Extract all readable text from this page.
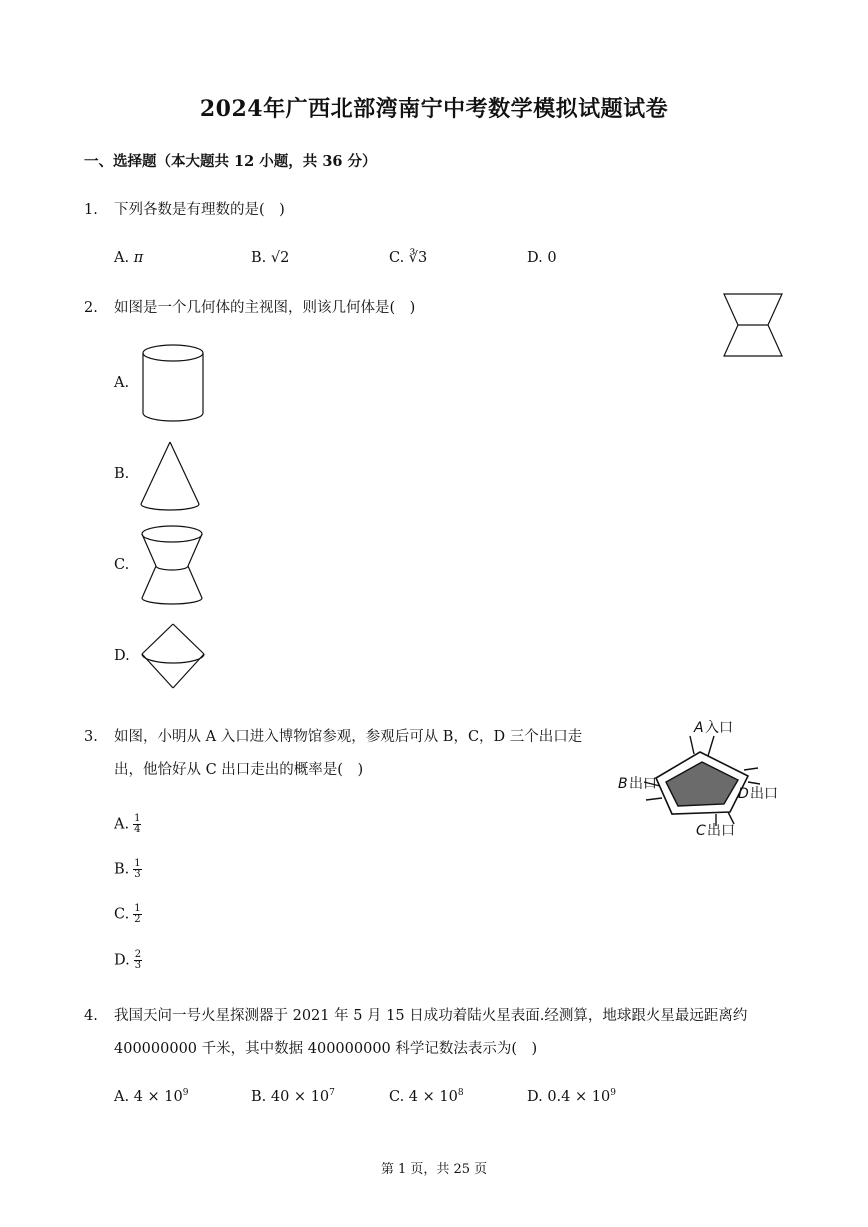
2024年广西北部湾南宁中考数学模拟试题试卷
一、选择题（本大题共 12 小题，共 36 分）
1. 下列各数是有理数的是(　)
A. π	B. √2	C. ∛3	D. 0
2. 如图是一个几何体的主视图，则该几何体是(　)
A.
B.
C.
D.
3. 如图，小明从 A 入口进入博物馆参观，参观后可从 B，C，D 三个出口走
出，他恰好从 C 出口走出的概率是(　)
A 入口
B 出口
D 出口
C 出口
A. $\frac{1}{4}$
B. $\frac{1}{3}$
C. $\frac{1}{2}$
D. $\frac{2}{3}$
4. 我国天问一号火星探测器于 2021 年 5 月 15 日成功着陆火星表面.经测算，地球跟火星最远距离约
400000000 千米，其中数据 400000000 科学记数法表示为(　)
A. $4 \times 10^9$	B. $40 \times 10^7$	C. $4 \times 10^8$	D. $0.4 \times 10^9$
第 1 页，共 25 页
